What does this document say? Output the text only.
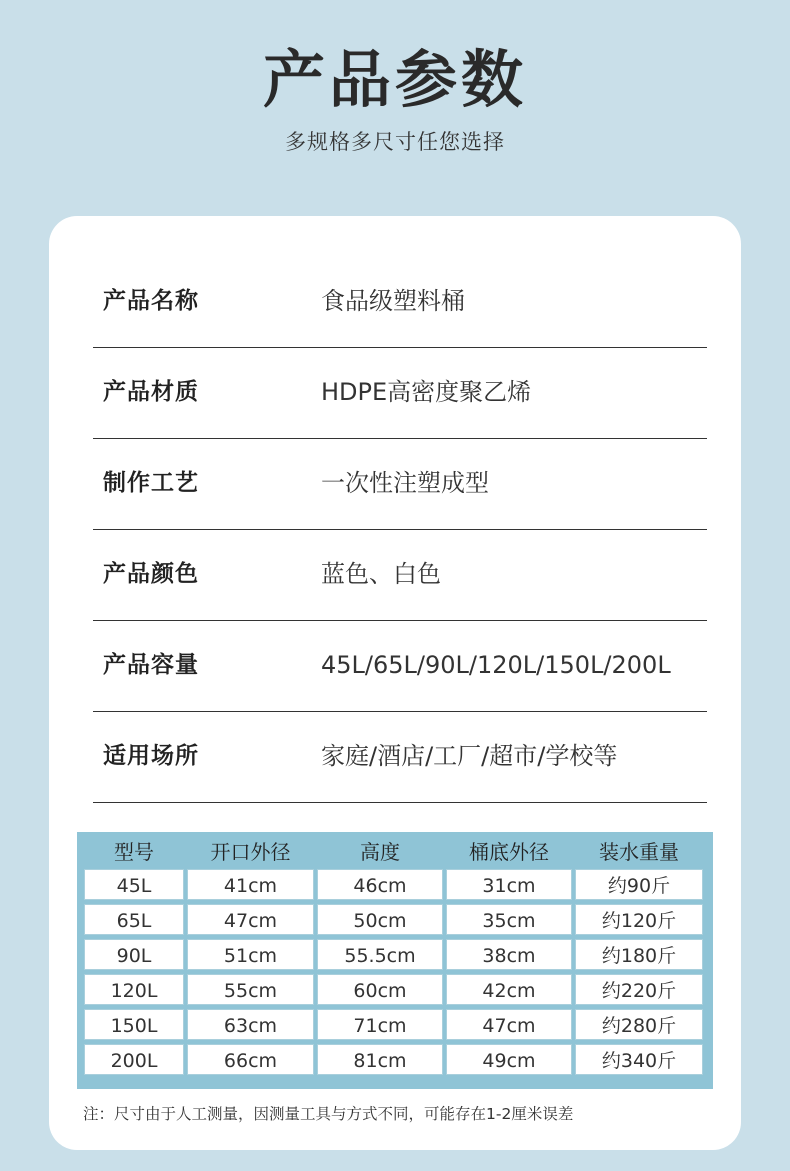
产品参数
多规格多尺寸任您选择
产品名称	食品级塑料桶
产品材质	HDPE高密度聚乙烯
制作工艺	一次性注塑成型
产品颜色	蓝色、白色
产品容量	45L/65L/90L/120L/150L/200L
适用场所	家庭/酒店/工厂/超市/学校等
型号	开口外径	高度	桶底外径	装水重量
45L	41cm	46cm	31cm	约90斤
65L	47cm	50cm	35cm	约120斤
90L	51cm	55.5cm	38cm	约180斤
120L	55cm	60cm	42cm	约220斤
150L	63cm	71cm	47cm	约280斤
200L	66cm	81cm	49cm	约340斤
注：尺寸由于人工测量，因测量工具与方式不同，可能存在1-2厘米误差
